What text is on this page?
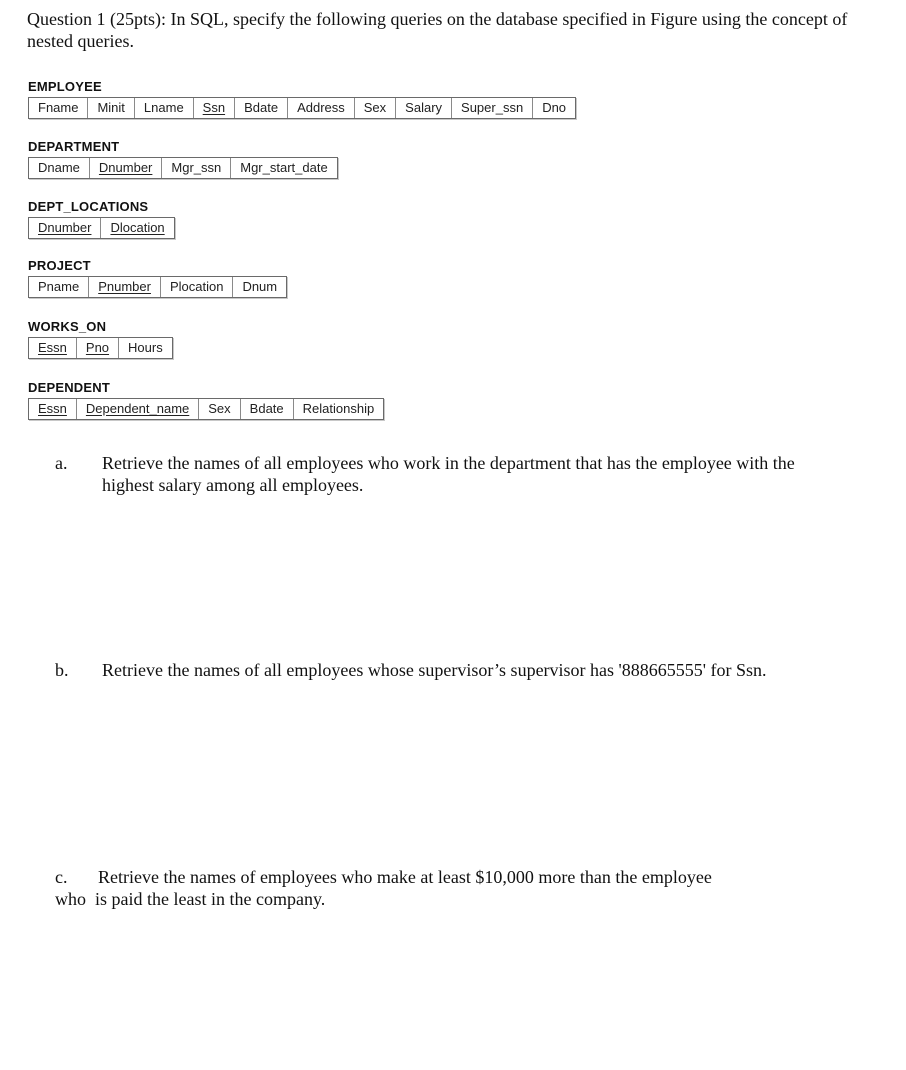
Question 1 (25pts): In SQL, specify the following queries on the database specified in Figure using the concept of nested queries.
EMPLOYEE
Fname	Minit	Lname	Ssn	Bdate	Address	Sex	Salary	Super_ssn	Dno
DEPARTMENT
Dname	Dnumber	Mgr_ssn	Mgr_start_date
DEPT_LOCATIONS
Dnumber	Dlocation
PROJECT
Pname	Pnumber	Plocation	Dnum
WORKS_ON
Essn	Pno	Hours
DEPENDENT
Essn	Dependent_name	Sex	Bdate	Relationship
a. Retrieve the names of all employees who work in the department that has the employee with the highest salary among all employees.
b. Retrieve the names of all employees whose supervisor’s supervisor has '888665555' for Ssn.
c. Retrieve the names of employees who make at least $10,000 more than the employee
who  is paid the least in the company.
